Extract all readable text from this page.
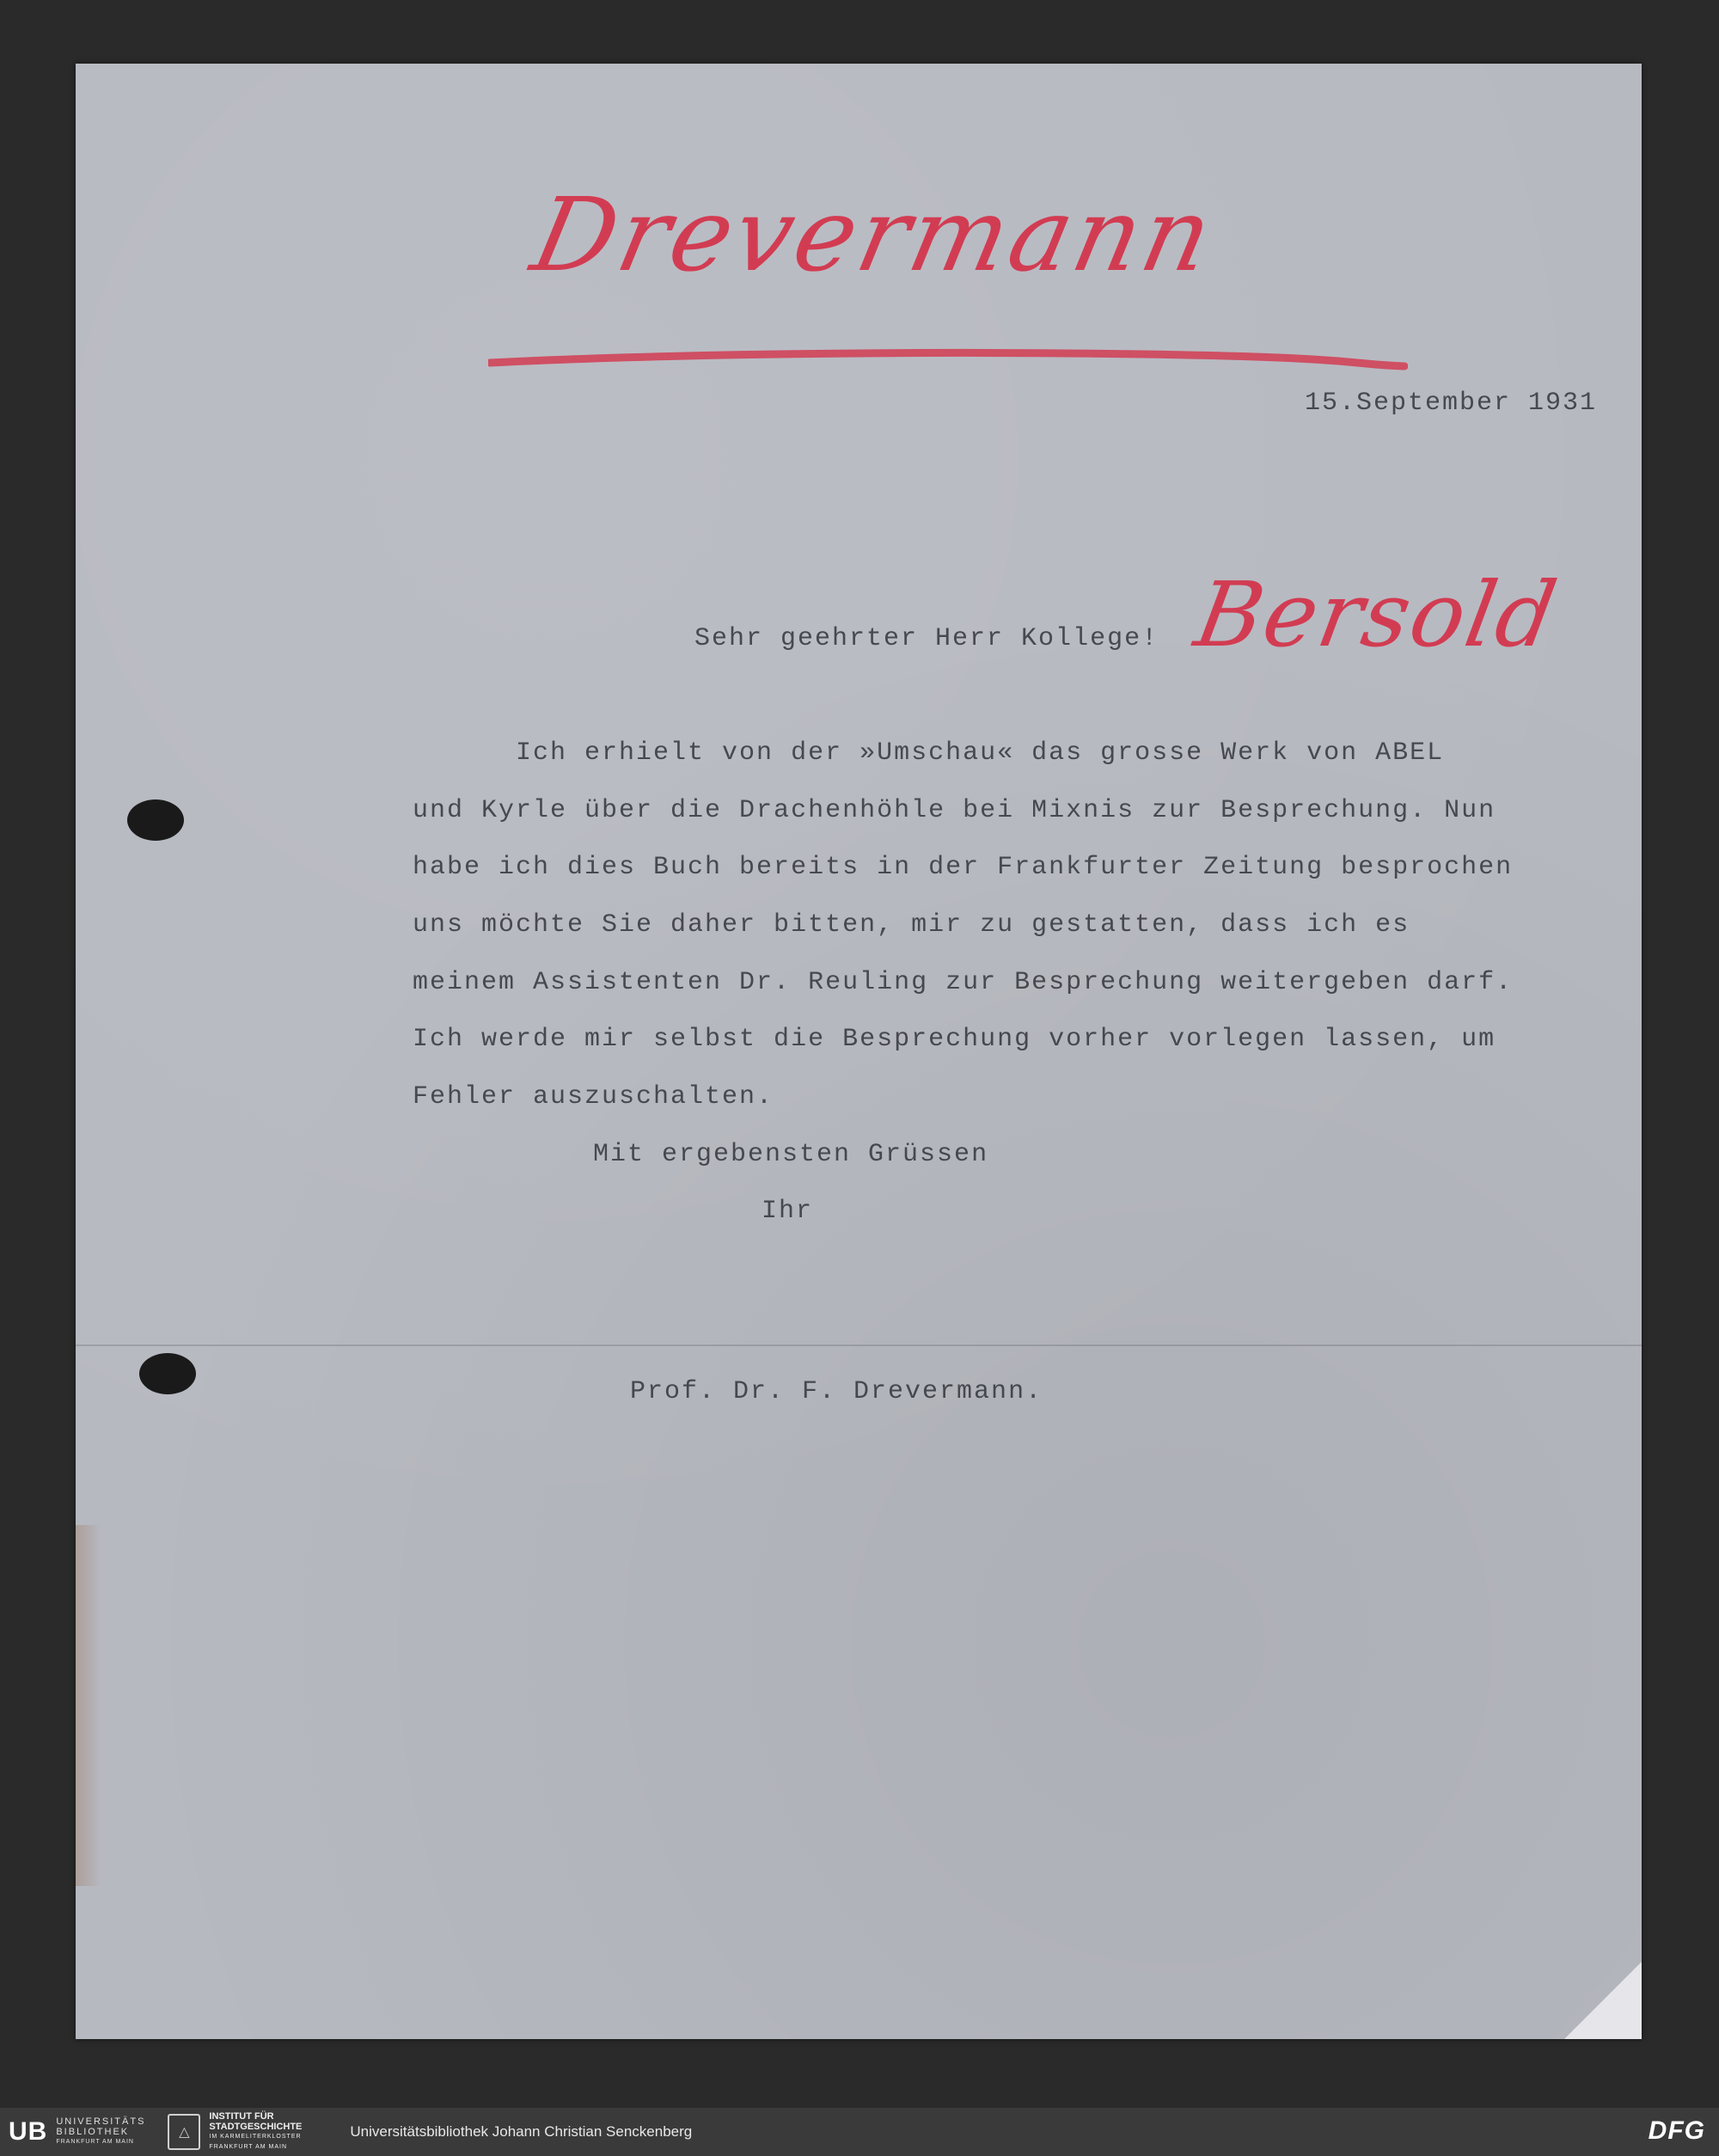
Drevermann
15.September 1931
Bersold
Sehr geehrter Herr Kollege!
Ich erhielt von der »Umschau« das grosse Werk von ABEL
und Kyrle über die Drachenhöhle bei Mixnis zur Besprechung. Nun
habe ich dies Buch bereits in der Frankfurter Zeitung besprochen
uns möchte Sie daher bitten, mir zu gestatten, dass ich es
meinem Assistenten Dr. Reuling zur Besprechung weitergeben darf.
Ich werde mir selbst die Besprechung vorher vorlegen lassen, um
Fehler auszuschalten.
Mit ergebensten Grüssen
Ihr
Prof. Dr. F. Drevermann.
UB UNIVERSITÄTS
BIBLIOTHEK
FRANKFURT AM MAIN
△
INSTITUT FÜR
STADTGESCHICHTE
IM KARMELITERKLOSTER
FRANKFURT AM MAIN
Universitätsbibliothek Johann Christian Senckenberg	DFG
